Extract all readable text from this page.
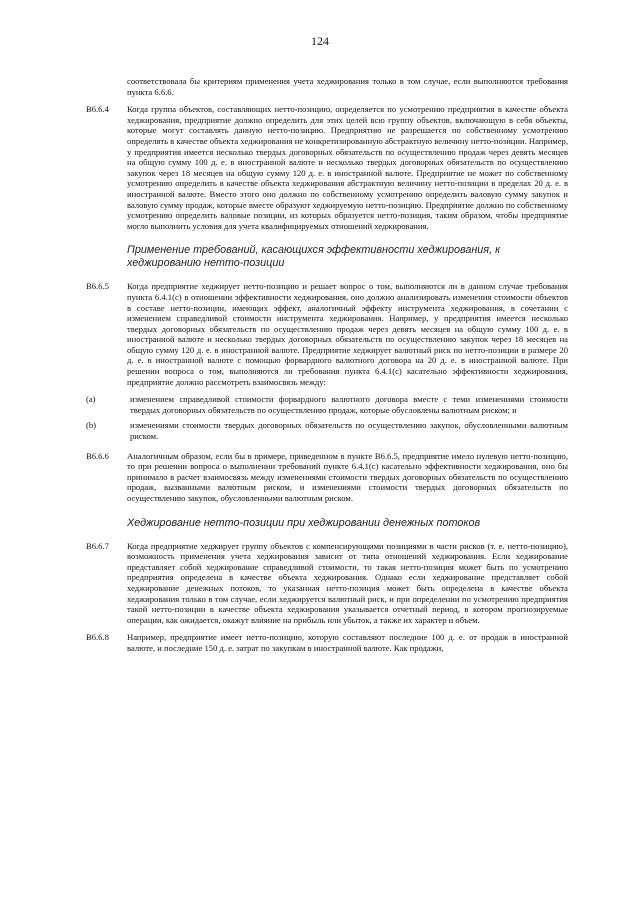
124
соответствовала бы критериям применения учета хеджирования только в том случае, если выполняются требования пункта 6.6.6.
B6.6.4	Когда группа объектов, составляющих нетто-позицию, определяется по усмотрению предприятия в качестве объекта хеджирования, предприятие должно определить для этих целей всю группу объектов, включающую в себя объекты, которые могут составлять данную нетто-позицию. Предприятию не разрешается по собственному усмотрению определять в качестве объекта хеджирования не конкретизированную абстрактную величину нетто-позиции. Например, у предприятия имеется несколько твердых договорных обязательств по осуществлению продаж через девять месяцев на общую сумму 100 д. е. в иностранной валюте и несколько твердых договорных обязательств по осуществлению закупок через 18 месяцев на общую сумму 120 д. е. в иностранной валюте. Предприятие не может по собственному усмотрению определить в качестве объекта хеджирования абстрактную величину нетто-позиции в пределах 20 д. е. в иностранной валюте. Вместо этого оно должно по собственному усмотрению определить валовую сумму закупок и валовую сумму продаж, которые вместе образуют хеджируемую нетто-позицию. Предприятие должно по собственному усмотрению определить валовые позиции, из которых образуется нетто-позиция, таким образом, чтобы предприятие могло выполнить условия для учета квалифицируемых отношений хеджирования.
Применение требований, касающихся эффективности хеджирования, к хеджированию нетто-позиции
B6.6.5	Когда предприятие хеджирует нетто-позицию и решает вопрос о том, выполняются ли в данном случае требования пункта 6.4.1(c) в отношении эффективности хеджирования, оно должно анализировать изменения стоимости объектов в составе нетто-позиции, имеющих эффект, аналогичный эффекту инструмента хеджирования, в сочетании с изменением справедливой стоимости инструмента хеджирования. Например, у предприятия имеется несколько твердых договорных обязательств по осуществлению продаж через девять месяцев на общую сумму 100 д. е. в иностранной валюте и несколько твердых договорных обязательств по осуществлению закупок через 18 месяцев на общую сумму 120 д. е. в иностранной валюте. Предприятие хеджирует валютный риск по нетто-позиции в размере 20 д. е. в иностранной валюте с помощью форвардного валютного договора на 20 д. е. в иностранной валюте. При решении вопроса о том, выполняются ли требования пункта 6.4.1(c) касательно эффективности хеджирования, предприятие должно рассмотреть взаимосвязь между:
(a)	изменением справедливой стоимости форвардного валютного договора вместе с теми изменениями стоимости твердых договорных обязательств по осуществлению продаж, которые обусловлены валютным риском; и
(b)	изменениями стоимости твердых договорных обязательств по осуществлению закупок, обусловленными валютным риском.
B6.6.6	Аналогичным образом, если бы в примере, приведенном в пункте B6.6.5, предприятие имело нулевую нетто-позицию, то при решении вопроса о выполнении требований пункте 6.4.1(c) касательно эффективности хеджирования, оно бы принимало в расчет взаимосвязь между изменениями стоимости твердых договорных обязательств по осуществлению продаж, вызванными валютным риском, и изменениями стоимости твердых договорных обязательств по осуществлению закупок, обусловленными валютным риском.
Хеджирование нетто-позиции при хеджировании денежных потоков
B6.6.7	Когда предприятие хеджирует группу объектов с компенсирующими позициями в части рисков (т. е. нетто-позицию), возможность применения учета хеджирования зависит от типа отношений хеджирования. Если хеджирование представляет собой хеджирование справедливой стоимости, то такая нетто-позиция может быть по усмотрению предприятия определена в качестве объекта хеджирования. Однако если хеджирование представляет собой хеджирование денежных потоков, то указанная нетто-позиция может быть определена в качестве объекта хеджирования только в том случае, если хеджируется валютный риск, и при определении по усмотрению предприятия такой нетто-позиции в качестве объекта хеджирования указывается отчетный период, в котором прогнозируемые операции, как ожидается, окажут влияние на прибыль или убыток, а также их характер и объем.
B6.6.8	Например, предприятие имеет нетто-позицию, которую составляют последние 100 д. е. от продаж в иностранной валюте, и последние 150 д. е. затрат по закупкам в иностранной валюте. Как продажи,
